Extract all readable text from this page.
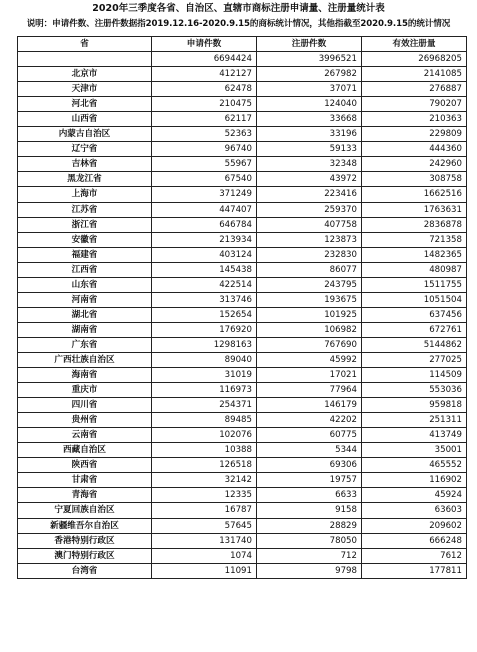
2020年三季度各省、自治区、直辖市商标注册申请量、注册量统计表
说明：申请件数、注册件数据指2019.12.16-2020.9.15的商标统计情况，其他指截至2020.9.15的统计情况
省	申请件数	注册件数	有效注册量
	6694424	3996521	26968205
北京市	412127	267982	2141085
天津市	62478	37071	276887
河北省	210475	124040	790207
山西省	62117	33668	210363
内蒙古自治区	52363	33196	229809
辽宁省	96740	59133	444360
吉林省	55967	32348	242960
黑龙江省	67540	43972	308758
上海市	371249	223416	1662516
江苏省	447407	259370	1763631
浙江省	646784	407758	2836878
安徽省	213934	123873	721358
福建省	403124	232830	1482365
江西省	145438	86077	480987
山东省	422514	243795	1511755
河南省	313746	193675	1051504
湖北省	152654	101925	637456
湖南省	176920	106982	672761
广东省	1298163	767690	5144862
广西壮族自治区	89040	45992	277025
海南省	31019	17021	114509
重庆市	116973	77964	553036
四川省	254371	146179	959818
贵州省	89485	42202	251311
云南省	102076	60775	413749
西藏自治区	10388	5344	35001
陕西省	126518	69306	465552
甘肃省	32142	19757	116902
青海省	12335	6633	45924
宁夏回族自治区	16787	9158	63603
新疆维吾尔自治区	57645	28829	209602
香港特别行政区	131740	78050	666248
澳门特别行政区	1074	712	7612
台湾省	11091	9798	177811
